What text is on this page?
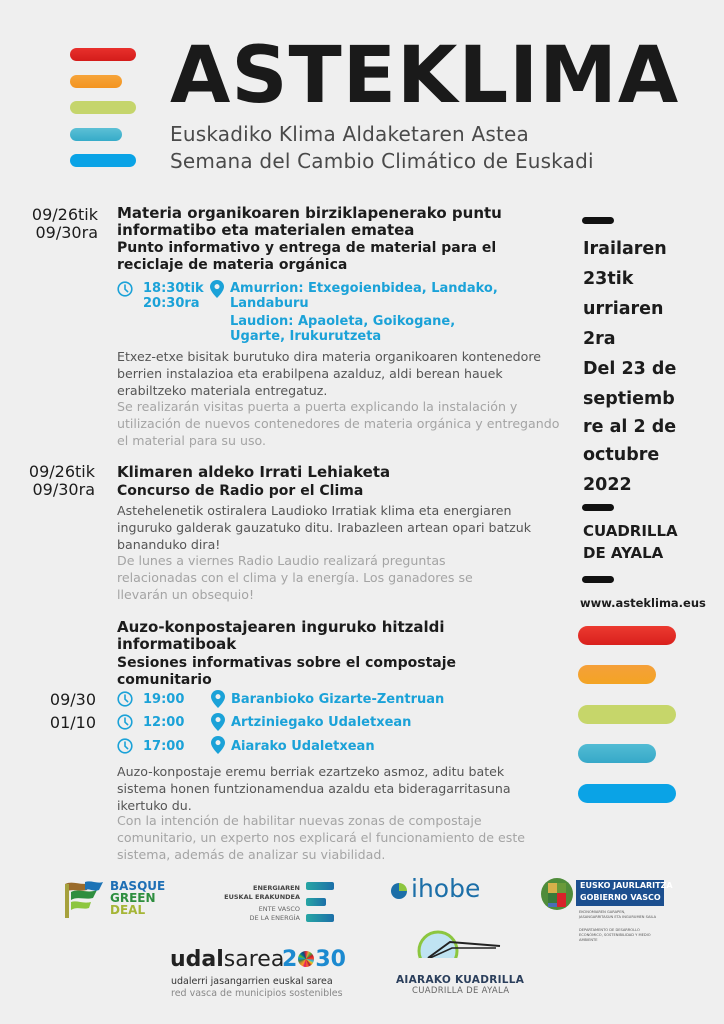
ASTEKLIMA
Euskadiko Klima Aldaketaren Astea
Semana del Cambio Climático de Euskadi
09/26tik
09/30ra
Materia organikoaren birziklapenerako puntu informatibo eta materialen ematea
Punto informativo y entrega de material para el reciclaje de materia orgánica
18:30tik
20:30ra
Amurrion: Etxegoienbidea, Landako, Landaburu
Laudion: Apaoleta, Goikogane, Ugarte, Irukurutzeta
Etxez-etxe bisitak burutuko dira materia organikoaren kontenedore berrien instalazioa eta erabilpena azalduz, aldi berean hauek erabiltzeko materiala entregatuz.
Se realizarán visitas puerta a puerta explicando la instalación y utilización de nuevos contenedores de materia orgánica y entregando el material para su uso.
09/26tik
09/30ra
Klimaren aldeko Irrati Lehiaketa
Concurso de Radio por el Clima
Astehelenetik ostiralera Laudioko Irratiak klima eta energiaren inguruko galderak gauzatuko ditu. Irabazleen artean opari batzuk bananduko dira!
De lunes a viernes Radio Laudio realizará preguntas relacionadas con el clima y la energía. Los ganadores se llevarán un obsequio!
Auzo-konpostajearen inguruko hitzaldi informatiboak
Sesiones informativas sobre el compostaje comunitario
09/30	19:00	Baranbioko Gizarte-Zentruan
01/10	12:00	Artziniegako Udaletxean
17:00	Aiarako Udaletxean
Auzo-konpostaje eremu berriak ezartzeko asmoz, aditu batek sistema honen funtzionamendua azaldu eta bideragarritasuna ikertuko du.
Con la intención de habilitar nuevas zonas de compostaje comunitario, un experto nos explicará el funcionamiento de este sistema, además de analizar su viabilidad.
Irailaren
23tik
urriaren
2ra
Del 23 de
septiemb
re al 2 de
octubre
2022
CUADRILLA
DE AYALA
www.asteklima.eus
BASQUE
GREEN
DEAL
ENERGIAREN
EUSKAL ERAKUNDEA
ENTE VASCO
DE LA ENERGÍA
ihobe	EUSKO JAURLARITZA
GOBIERNO VASCO
EKONOMIAREN GARAPEN, JASANGARRITASUN ETA INGURUMEN SAILA
DEPARTAMENTO DE DESARROLLO ECONÓMICO, SOSTENIBILIDAD Y MEDIO AMBIENTE
udalsarea
2 30
udalerri jasangarrien euskal sarea
red vasca de municipios sostenibles
AIARAKO KUADRILLA
CUADRILLA DE AYALA
